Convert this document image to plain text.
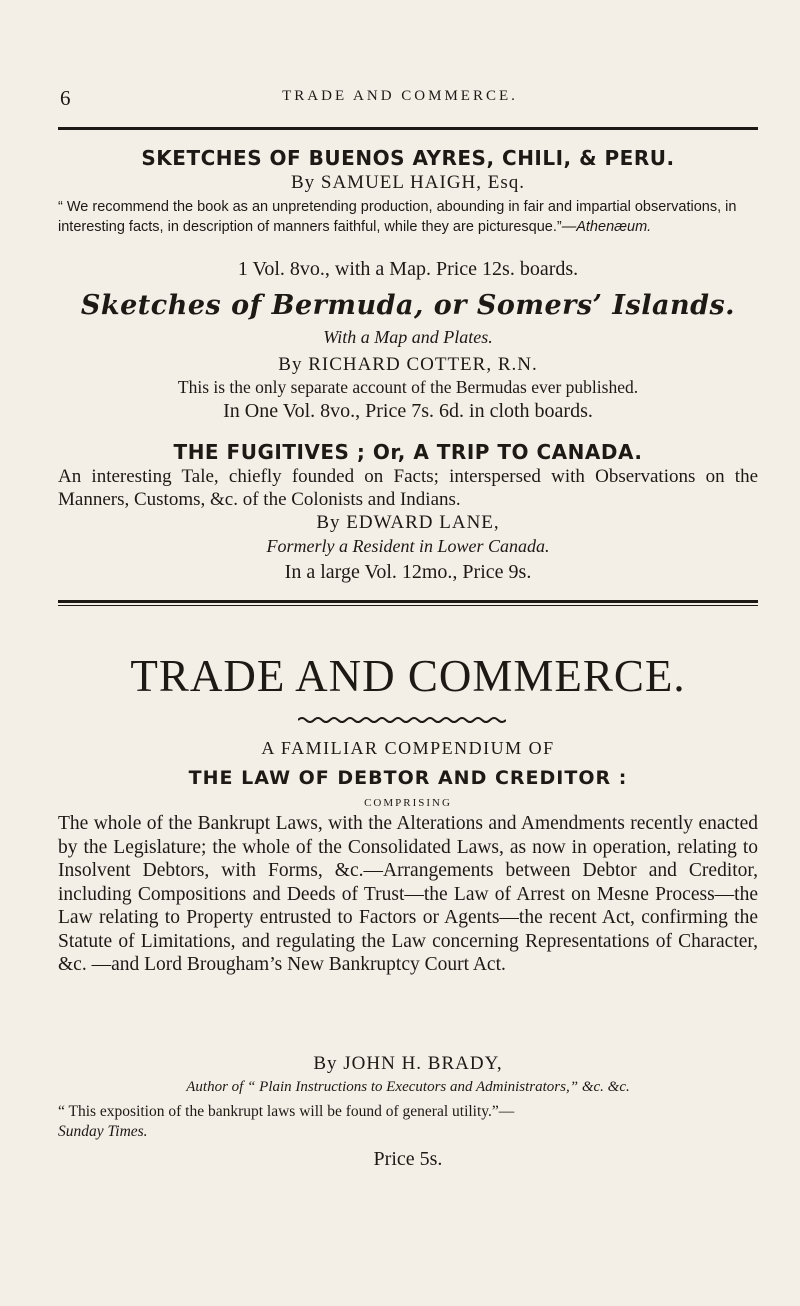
6	TRADE AND COMMERCE.
SKETCHES OF BUENOS AYRES, CHILI, & PERU.
By SAMUEL HAIGH, Esq.
“ We recommend the book as an unpretending production, abounding in fair and impartial observations, in interesting facts, in description of manners faithful, while they are picturesque.”—Athenæum.
1 Vol. 8vo., with a Map. Price 12s. boards.
Sketches of Bermuda, or Somers’ Islands.
With a Map and Plates.
By RICHARD COTTER, R.N.
This is the only separate account of the Bermudas ever published.
In One Vol. 8vo., Price 7s. 6d. in cloth boards.
THE FUGITIVES ; Or, A TRIP TO CANADA.
An interesting Tale, chiefly founded on Facts; interspersed with Observations on the Manners, Customs, &c. of the Colonists and Indians.
By EDWARD LANE,
Formerly a Resident in Lower Canada.
In a large Vol. 12mo., Price 9s.
TRADE AND COMMERCE.
A FAMILIAR COMPENDIUM OF
THE LAW OF DEBTOR AND CREDITOR :
COMPRISING
The whole of the Bankrupt Laws, with the Alterations and Amendments recently enacted by the Legislature; the whole of the Consolidated Laws, as now in operation, relating to Insolvent Debtors, with Forms, &c.—Arrangements between Debtor and Creditor, including Compositions and Deeds of Trust—the Law of Arrest on Mesne Process—the Law relating to Property entrusted to Factors or Agents—the recent Act, confirming the Statute of Limitations, and regulating the Law concerning Representations of Character, &c. —and Lord Brougham’s New Bankruptcy Court Act.
By JOHN H. BRADY,
Author of “ Plain Instructions to Executors and Administrators,” &c. &c.
“ This exposition of the bankrupt laws will be found of general utility.”—
Sunday Times.
Price 5s.
